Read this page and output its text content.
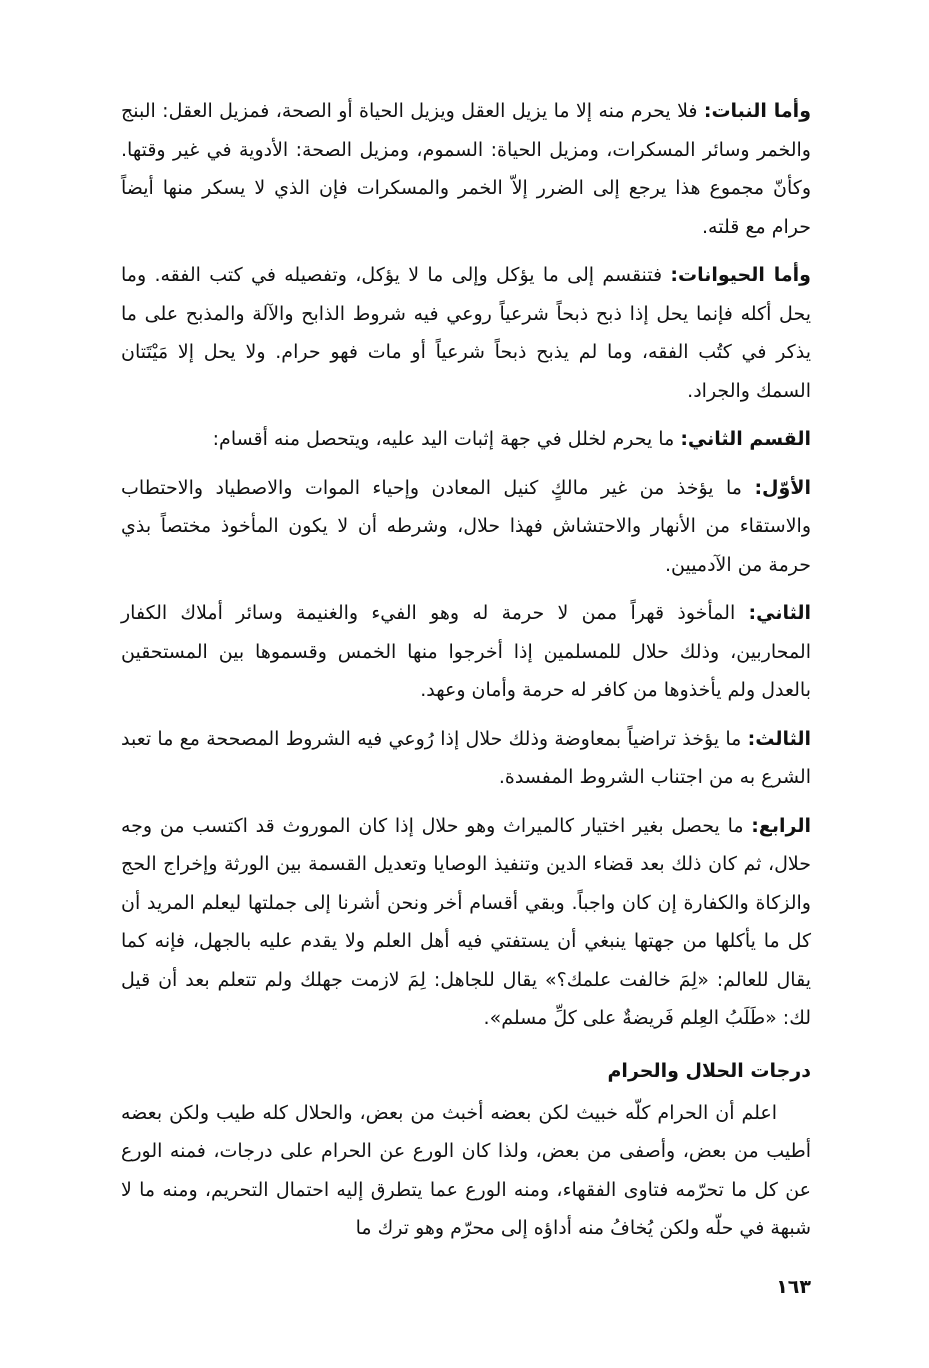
وأما النبات: فلا يحرم منه إلا ما يزيل العقل ويزيل الحياة أو الصحة، فمزيل العقل: البنج والخمر وسائر المسكرات، ومزيل الحياة: السموم، ومزيل الصحة: الأدوية في غير وقتها. وكأنّ مجموع هذا يرجع إلى الضرر إلاّ الخمر والمسكرات فإن الذي لا يسكر منها أيضاً حرام مع قلته.

وأما الحيوانات: فتنقسم إلى ما يؤكل وإلى ما لا يؤكل، وتفصيله في كتب الفقه. وما يحل أكله فإنما يحل إذا ذبح ذبحاً شرعياً روعي فيه شروط الذابح والآلة والمذبح على ما يذكر في كتُب الفقه، وما لم يذبح ذبحاً شرعياً أو مات فهو حرام. ولا يحل إلا مَيْتَتان السمك والجراد.

القسم الثاني: ما يحرم لخلل في جهة إثبات اليد عليه، ويتحصل منه أقسام:

الأوّل: ما يؤخذ من غير مالكٍ كنيل المعادن وإحياء الموات والاصطياد والاحتطاب والاستقاء من الأنهار والاحتشاش فهذا حلال، وشرطه أن لا يكون المأخوذ مختصاً بذي حرمة من الآدميين.

الثاني: المأخوذ قهراً ممن لا حرمة له وهو الفيء والغنيمة وسائر أملاك الكفار المحاربين، وذلك حلال للمسلمين إذا أخرجوا منها الخمس وقسموها بين المستحقين بالعدل ولم يأخذوها من كافر له حرمة وأمان وعهد.

الثالث: ما يؤخذ تراضياً بمعاوضة وذلك حلال إذا رُوعي فيه الشروط المصححة مع ما تعبد الشرع به من اجتناب الشروط المفسدة.

الرابع: ما يحصل بغير اختيار كالميراث وهو حلال إذا كان الموروث قد اكتسب من وجه حلال، ثم كان ذلك بعد قضاء الدين وتنفيذ الوصايا وتعديل القسمة بين الورثة وإخراج الحج والزكاة والكفارة إن كان واجباً. وبقي أقسام أخر ونحن أشرنا إلى جملتها ليعلم المريد أن كل ما يأكلها من جهتها ينبغي أن يستفتي فيه أهل العلم ولا يقدم عليه بالجهل، فإنه كما يقال للعالم: «لِمَ خالفت علمك؟» يقال للجاهل: لِمَ لازمت جهلك ولم تتعلم بعد أن قيل لك: «طَلَبُ العِلم فَريضةٌ على كلِّ مسلم».

درجات الحلال والحرام

اعلم أن الحرام كلّه خبيث لكن بعضه أخبث من بعض، والحلال كله طيب ولكن بعضه أطيب من بعض، وأصفى من بعض، ولذا كان الورع عن الحرام على درجات، فمنه الورع عن كل ما تحرّمه فتاوى الفقهاء، ومنه الورع عما يتطرق إليه احتمال التحريم، ومنه ما لا شبهة في حلّه ولكن يُخافُ منه أداؤه إلى محرّم وهو ترك ما

١٦٣
